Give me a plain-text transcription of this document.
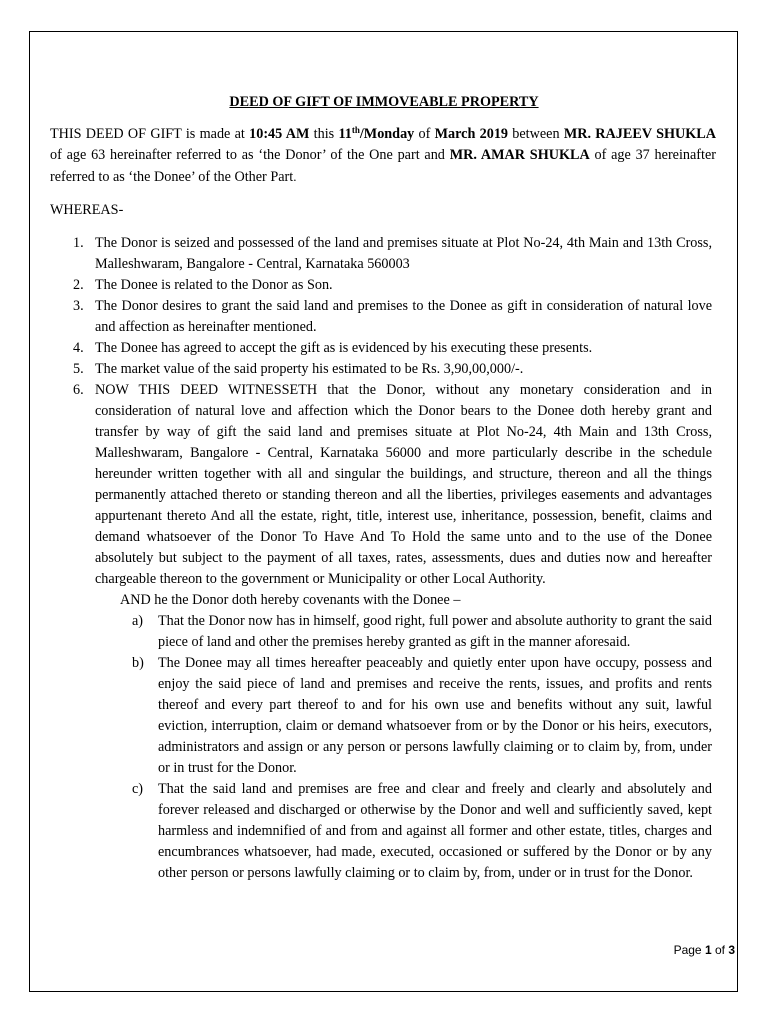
DEED OF GIFT OF IMMOVEABLE PROPERTY
THIS DEED OF GIFT is made at 10:45 AM this 11th/Monday of March 2019 between MR. RAJEEV SHUKLA of age 63 hereinafter referred to as ‘the Donor’ of the One part and MR. AMAR SHUKLA of age 37 hereinafter referred to as ‘the Donee’ of the Other Part.
WHEREAS-
1. The Donor is seized and possessed of the land and premises situate at Plot No-24, 4th Main and 13th Cross, Malleshwaram, Bangalore - Central, Karnataka 560003
2. The Donee is related to the Donor as Son.
3. The Donor desires to grant the said land and premises to the Donee as gift in consideration of natural love and affection as hereinafter mentioned.
4. The Donee has agreed to accept the gift as is evidenced by his executing these presents.
5. The market value of the said property his estimated to be Rs. 3,90,00,000/-.
6. NOW THIS DEED WITNESSETH that the Donor, without any monetary consideration and in consideration of natural love and affection which the Donor bears to the Donee doth hereby grant and transfer by way of gift the said land and premises situate at Plot No-24, 4th Main and 13th Cross, Malleshwaram, Bangalore - Central, Karnataka 56000 and more particularly describe in the schedule hereunder written together with all and singular the buildings, and structure, thereon and all the things permanently attached thereto or standing thereon and all the liberties, privileges easements and advantages appurtenant thereto And all the estate, right, title, interest use, inheritance, possession, benefit, claims and demand whatsoever of the Donor To Have And To Hold the same unto and to the use of the Donee absolutely but subject to the payment of all taxes, rates, assessments, dues and duties now and hereafter chargeable thereon to the government or Municipality or other Local Authority.
AND he the Donor doth hereby covenants with the Donee –
a) That the Donor now has in himself, good right, full power and absolute authority to grant the said piece of land and other the premises hereby granted as gift in the manner aforesaid.
b) The Donee may all times hereafter peaceably and quietly enter upon have occupy, possess and enjoy the said piece of land and premises and receive the rents, issues, and profits and rents thereof and every part thereof to and for his own use and benefits without any suit, lawful eviction, interruption, claim or demand whatsoever from or by the Donor or his heirs, executors, administrators and assign or any person or persons lawfully claiming or to claim by, from, under or in trust for the Donor.
c) That the said land and premises are free and clear and freely and clearly and absolutely and forever released and discharged or otherwise by the Donor and well and sufficiently saved, kept harmless and indemnified of and from and against all former and other estate, titles, charges and encumbrances whatsoever, had made, executed, occasioned or suffered by the Donor or by any other person or persons lawfully claiming or to claim by, from, under or in trust for the Donor.
Page 1 of 3
